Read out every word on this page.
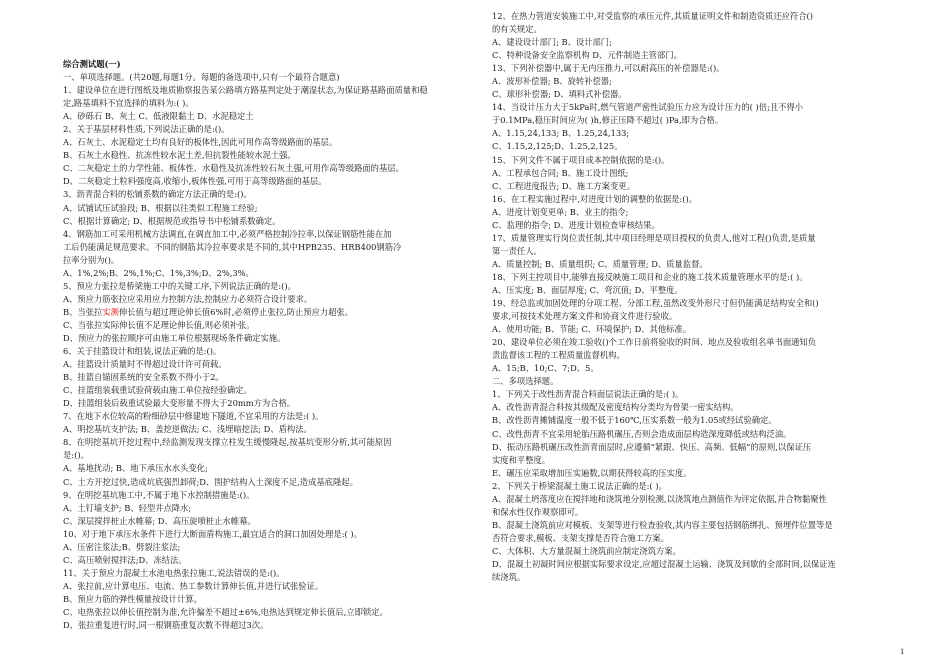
综合测试题(一)
一、单项选择题。(共20题,每题1分。每题的备选项中,只有一个最符合题意)
1、建设单位在进行图纸及地质勘察报告某公路填方路基判定处于潮湿状态,为保证路基路面质量和稳
定,路基填料不宜选择的填料为:( )。
A、砂砾石 B、灰土 C、低液限黏土 D、水泥稳定土
2、关于基层材料性质,下列说法正确的是:()。
A、石灰土、水泥稳定土均有良好的板体性,因此可用作高等级路面的基层。
B、石灰土水稳性、抗冻性较水泥土差,但抗裂性能较水泥土强。
C、二灰稳定土的力学性能、板体性、水稳性及抗冻性较石灰土强,可用作高等级路面的基层。
D、二灰稳定土粒料强度高,收缩小,板体性强,可用于高等级路面的基层。
3、沥青混合料的松铺系数的确定方法正确的是:()。
A、试铺试压试验段; B、根据以往类似工程施工经验;
C、根据计算确定; D、根据规范或指导书中松铺系数确定。
4、钢筋加工可采用机械方法调直,在调直加工中,必须严格控制冷拉率,以保证钢筋性能在加
工后仍能满足规范要求。不同的钢筋其冷拉率要求是不同的,其中HPB235、HRB400钢筋冷
拉率分别为()。
A、1%,2%;B、2%,1%;C、1%,3%;D、2%,3%。
5、预应力张拉是桥梁施工中的关键工序,下列说法正确的是:()。
A、预应力筋张拉应采用应力控制方法,控制应力必须符合设计要求。
B、当张拉实测伸长值与超过理论伸长值6%时,必须停止张拉,防止预应力超张。
C、当张拉实际伸长值不足理论伸长值,则必须补张。
D、预应力的张拉顺序可由施工单位根据现场条件确定实施。
6、关于挂篮设计和组装,说法正确的是:()。
A、挂篮设计质量时不得超过设计许可荷载。
B、挂篮自锚固系统的安全系数不得小于2。
C、挂篮组装载重试验荷载由施工单位按经验确定。
D、挂篮组装后载重试验最大变形量不得大于20mm方为合格。
7、在地下水位较高的粉细砂层中修建地下隧道,不宜采用的方法是:( )。
A、明挖基坑支护法; B、盖挖逆做法; C、浅埋暗挖法; D、盾构法。
8、在明挖基坑开挖过程中,经监测发现支撑立柱发生缓慢隆起,按基坑变形分析,其可能原因
是:()。
A、基地扰动; B、地下承压水水头变化;
C、土方开挖过快,造成坑底强烈卸荷;D、围护结构入土深度不足,造成基底隆起。
9、在明挖基坑施工中,不属于地下水控制措施是:()。
A、土钉墙支护; B、轻型井点降水;
C、深层搅拌桩止水帷幕; D、高压旋喷桩止水帷幕。
10、对于地下承压水条件下进行大断面盾构施工,最宜适合的洞口加固处理是:( )。
A、压密注浆法;B、劈裂注浆法;
C、高压喷射搅拌法;D、冻结法。
11、关于预应力混凝土水池电热张拉施工,说法错误的是:()。
A、张拉前,应计算电压、电流、热工参数计算伸长值,并进行试张验证。
B、预应力筋的弹性模量按设计计算。
C、电热张拉以伸长值控制为准,允许偏差不超过±6%,电热达到规定伸长值后,立即锁定。
D、张拉重复进行时,同一根钢筋重复次数不得超过3次。
12、在热力管道安装施工中,对受监察的承压元件,其质量证明文件和制造资质还应符合()
的有关规定。
A、建设设计部门; B、设计部门;
C、特种设备安全监察机构 D、元件制造主管部门。
13、下列补偿器中,属于无内压推力,可以耐高压的补偿器是:()。
A、波形补偿器; B、旋转补偿器;
C、球形补偿器; D、填料式补偿器。
14、当设计压力大于5kPa时,燃气管道严密性试验压力应为设计压力的( )倍;且不得小
于0.1MPa,稳压时间应为( )h,修正压降不超过( )Pa,即为合格。
A、1.15,24,133; B、1.25,24,133;
C、1.15,2,125;D、1.25,2,125。
15、下列文件不属于项目成本控制依据的是:()。
A、工程承包合同; B、施工设计图纸;
C、工程进度报告; D、施工方案变更。
16、在工程实施过程中,对进度计划的调整的依据是:()。
A、进度计划变更单; B、业主的指令;
C、监理的指令; D、进度计划检查审核结果。
17、质量管理实行岗位责任制,其中项目经理是项目授权的负责人,他对工程()负责,是质量
第一责任人。
A、质量控制; B、质量组织; C、质量管理; D、质量监督。
18、下列主控项目中,能够直接反映施工项目和企业的施工技术质量管理水平的是:( )。
A、压实度; B、面层厚度; C、弯沉值; D、平整度。
19、经总监或加固处理的分项工程、分部工程,虽然改变外形尺寸但仍能满足结构安全和()
要求,可按技术处理方案文件和协商文件进行验收。
A、使用功能; B、节能; C、环境保护; D、其他标准。
20、建设单位必须在竣工验收()个工作日前将验收的时间、地点及验收组名单书面通知负
责监督该工程的工程质量监督机构。
A、15;B、10;C、7;D、5。
二、多项选择题。
1、下列关于改性沥青混合料面层说法正确的是:( )。
A、改性沥青混合料按其级配及密度结构分类均为骨架一密实结构。
B、改性沥青摊铺温度一般不低于160℃,压实系数一般为1.05或经试验确定。
C、改性沥青不宜采用轮胎压路机碾压,否则会造成面层构造深度降低或结构泛油。
D、振动压路机碾压改性沥青面层时,应遵循“紧跟、快压、高频、低幅”的原则,以保证压
实度和平整度。
E、碾压应采取增加压实遍数,以期获得较高的压实度。
2、下列关于桥梁混凝土施工说法正确的是:( )。
A、混凝土坍落度应在搅拌地和浇筑地分别检测,以浇筑地点测值作为评定依据,并合物黏聚性
和保水性仅作观察即可。
B、混凝土浇筑前应对模板、支架等进行检查验收,其内容主要包括钢筋绑扎、预埋件位置等是
否符合要求,模板、支架支撑是否符合施工方案。
C、大体积、大方量混凝土浇筑前应制定浇筑方案。
D、混凝土初凝时间应根据实际要求设定,应超过混凝土运输、浇筑及间歇的全部时间,以保证连
续浇筑。
1
